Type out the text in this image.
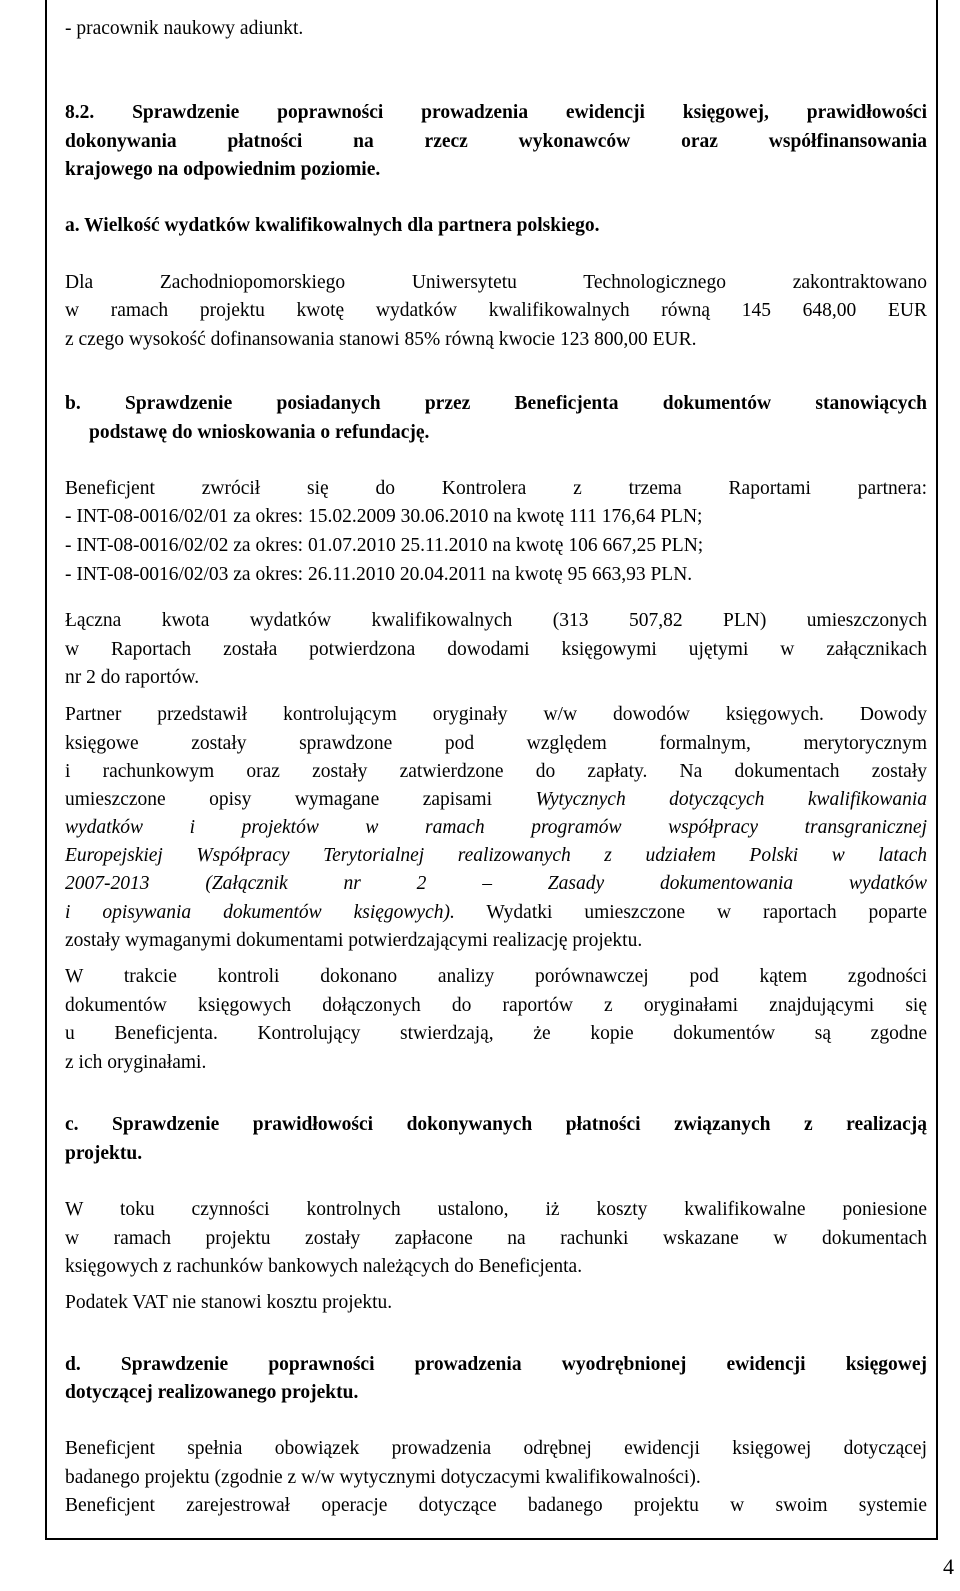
- pracownik naukowy adiunkt.
8.2. Sprawdzenie poprawności prowadzenia ewidencji księgowej, prawidłowości
dokonywania płatności na rzecz wykonawców oraz współfinansowania
krajowego na odpowiednim poziomie.
a. Wielkość wydatków kwalifikowalnych dla partnera polskiego.
Dla Zachodniopomorskiego Uniwersytetu Technologicznego zakontraktowano
w ramach projektu kwotę wydatków kwalifikowalnych równą 145 648,00 EUR
z czego wysokość dofinansowania stanowi 85% równą kwocie 123 800,00 EUR.
b. Sprawdzenie posiadanych przez Beneficjenta dokumentów stanowiących
podstawę do wnioskowania o refundację.
Beneficjent zwrócił się do Kontrolera z trzema Raportami partnera:
- INT-08-0016/02/01 za okres: 15.02.2009 30.06.2010 na kwotę 111 176,64 PLN;
- INT-08-0016/02/02 za okres: 01.07.2010 25.11.2010 na kwotę 106 667,25 PLN;
- INT-08-0016/02/03 za okres: 26.11.2010 20.04.2011 na kwotę 95 663,93 PLN.
Łączna kwota wydatków kwalifikowalnych (313 507,82 PLN) umieszczonych
w Raportach została potwierdzona dowodami księgowymi ujętymi w załącznikach
nr 2 do raportów.
Partner przedstawił kontrolującym oryginały w/w dowodów księgowych. Dowody
księgowe zostały sprawdzone pod względem formalnym, merytorycznym
i rachunkowym oraz zostały zatwierdzone do zapłaty. Na dokumentach zostały
umieszczone opisy wymagane zapisami Wytycznych dotyczących kwalifikowania
wydatków i projektów w ramach programów współpracy transgranicznej
Europejskiej Współpracy Terytorialnej realizowanych z udziałem Polski w latach
2007-2013 (Załącznik nr 2 – Zasady dokumentowania wydatków
i opisywania dokumentów księgowych). Wydatki umieszczone w raportach poparte
zostały wymaganymi dokumentami potwierdzającymi realizację projektu.
W trakcie kontroli dokonano analizy porównawczej pod kątem zgodności
dokumentów księgowych dołączonych do raportów z oryginałami znajdującymi się
u Beneficjenta. Kontrolujący stwierdzają, że kopie dokumentów są zgodne
z ich oryginałami.
c. Sprawdzenie prawidłowości dokonywanych płatności związanych z realizacją
projektu.
W toku czynności kontrolnych ustalono, iż koszty kwalifikowalne poniesione
w ramach projektu zostały zapłacone na rachunki wskazane w dokumentach
księgowych z rachunków bankowych należących do Beneficjenta.
Podatek VAT nie stanowi kosztu projektu.
d. Sprawdzenie poprawności prowadzenia wyodrębnionej ewidencji księgowej
dotyczącej realizowanego projektu.
Beneficjent spełnia obowiązek prowadzenia odrębnej ewidencji księgowej dotyczącej
badanego projektu (zgodnie z w/w wytycznymi dotyczacymi kwalifikowalności).
Beneficjent zarejestrował operacje dotyczące badanego projektu w swoim systemie
4
